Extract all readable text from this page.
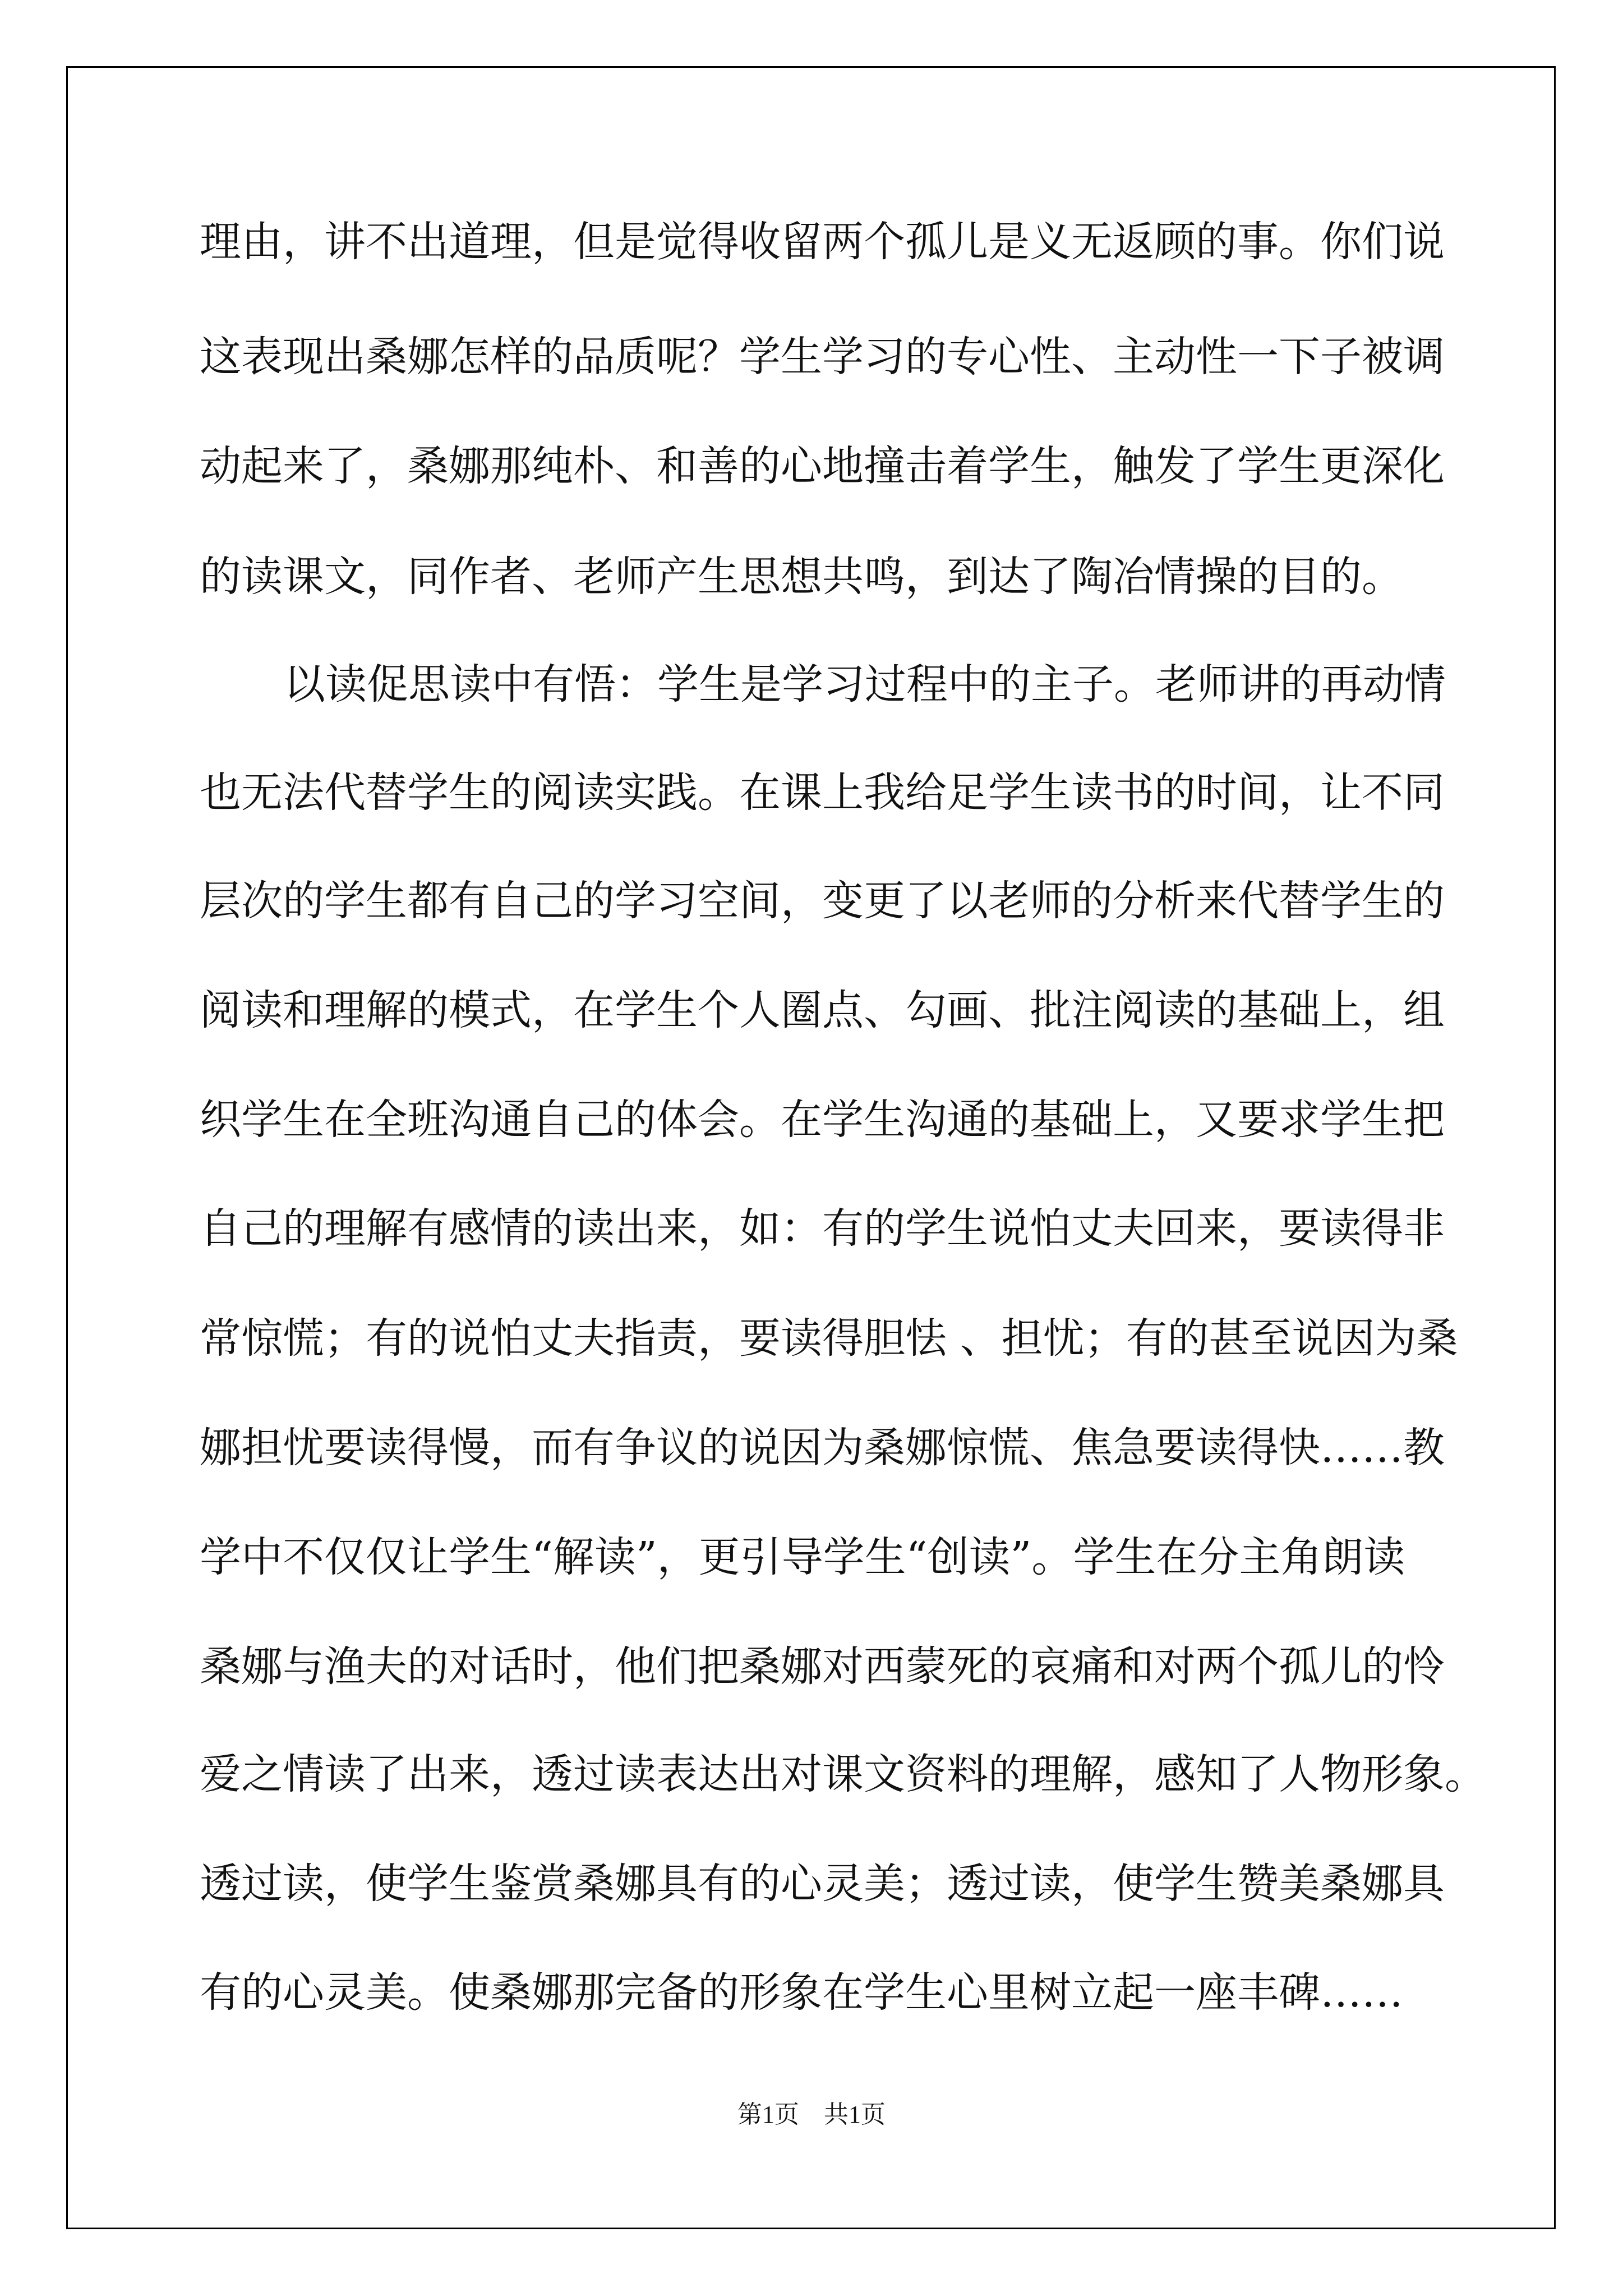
理由，讲不出道理，但是觉得收留两个孤儿是义无返顾的事。你们说

这表现出桑娜怎样的品质呢？学生学习的专心性、主动性一下子被调

动起来了，桑娜那纯朴、和善的心地撞击着学生，触发了学生更深化

的读课文，同作者、老师产生思想共鸣，到达了陶冶情操的目的。

以读促思读中有悟：学生是学习过程中的主子。老师讲的再动情

也无法代替学生的阅读实践。在课上我给足学生读书的时间，让不同

层次的学生都有自己的学习空间，变更了以老师的分析来代替学生的

阅读和理解的模式，在学生个人圈点、勾画、批注阅读的基础上，组

织学生在全班沟通自己的体会。在学生沟通的基础上，又要求学生把

自己的理解有感情的读出来，如：有的学生说怕丈夫回来，要读得非

常惊慌；有的说怕丈夫指责，要读得胆怯 、担忧；有的甚至说因为桑

娜担忧要读得慢，而有争议的说因为桑娜惊慌、焦急要读得快……教

学中不仅仅让学生“解读”，更引导学生“创读”。学生在分主角朗读

桑娜与渔夫的对话时，他们把桑娜对西蒙死的哀痛和对两个孤儿的怜

爱之情读了出来，透过读表达出对课文资料的理解，感知了人物形象。

透过读，使学生鉴赏桑娜具有的心灵美；透过读，使学生赞美桑娜具

有的心灵美。使桑娜那完备的形象在学生心里树立起一座丰碑……

第1页    共1页
